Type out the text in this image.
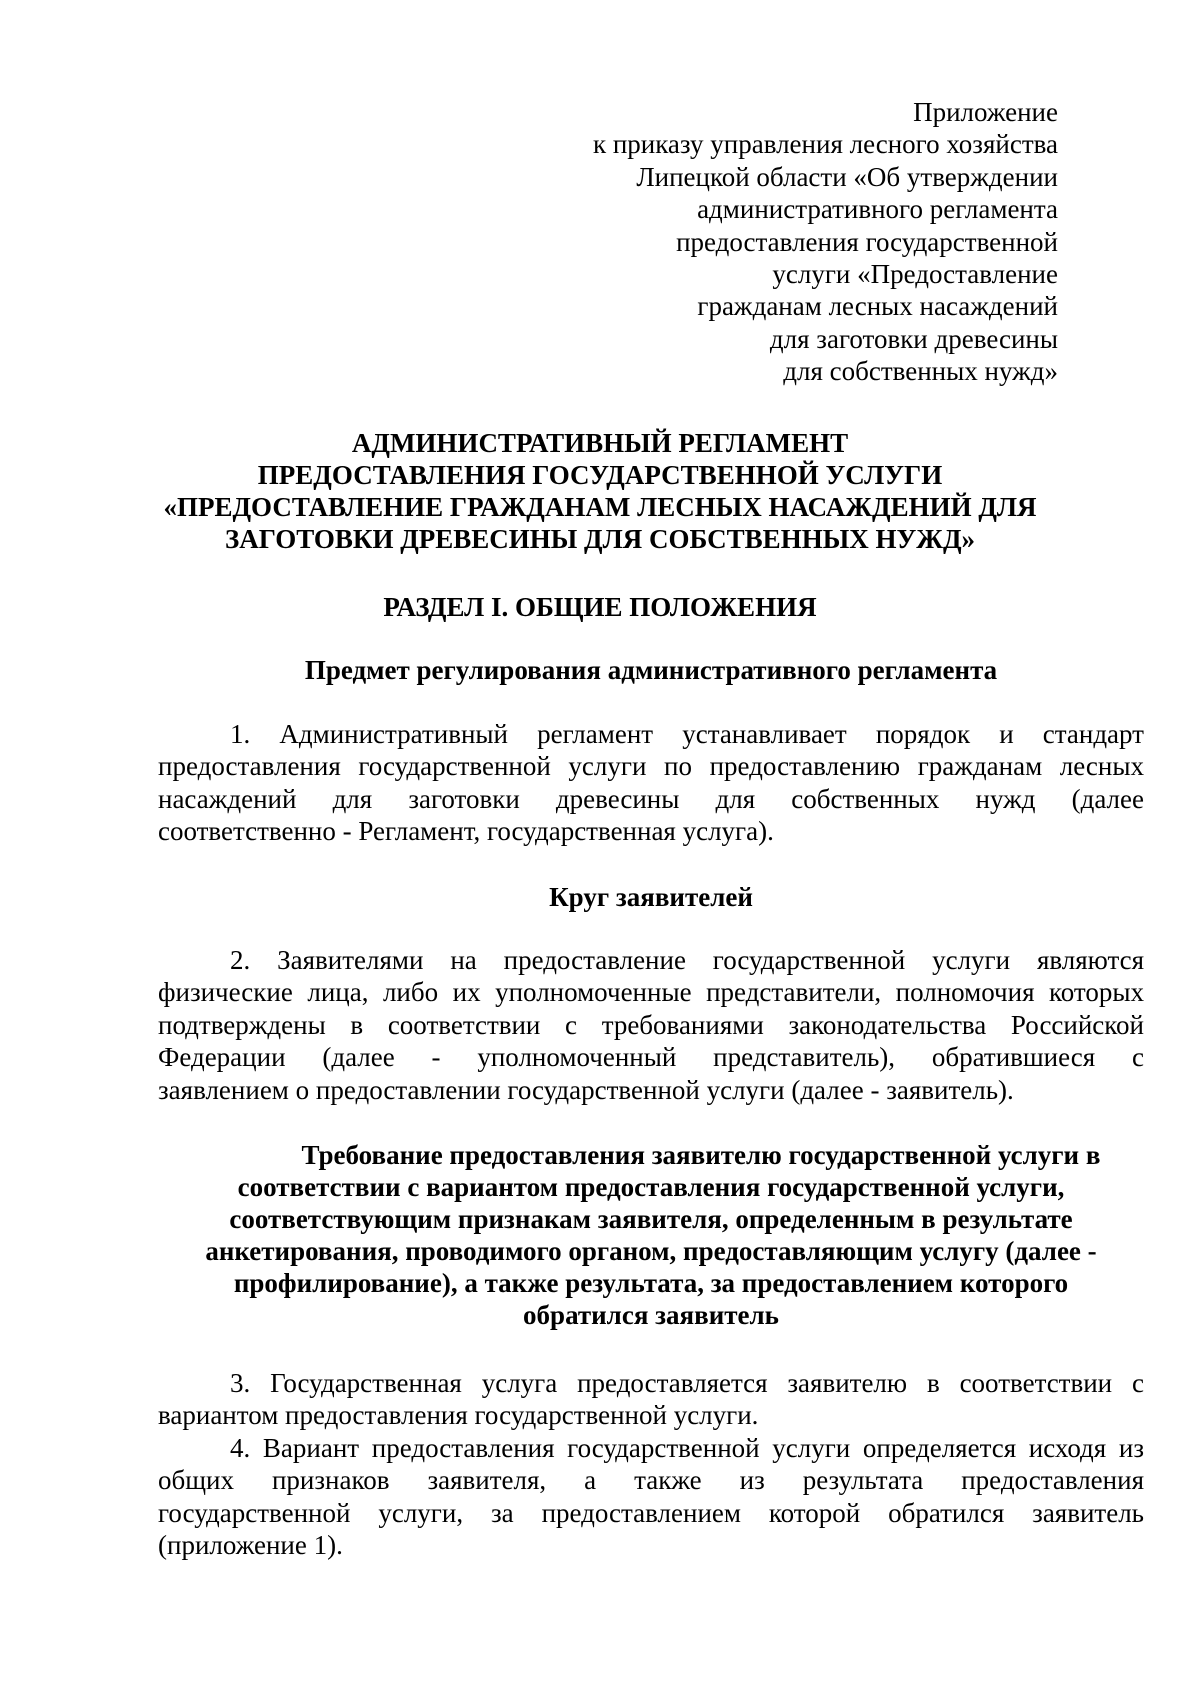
Приложение
к приказу управления лесного хозяйства
Липецкой области «Об утверждении
административного регламента
предоставления государственной
услуги «Предоставление
гражданам лесных насаждений
для заготовки древесины
для собственных нужд»
АДМИНИСТРАТИВНЫЙ РЕГЛАМЕНТ
ПРЕДОСТАВЛЕНИЯ ГОСУДАРСТВЕННОЙ УСЛУГИ
«ПРЕДОСТАВЛЕНИЕ ГРАЖДАНАМ ЛЕСНЫХ НАСАЖДЕНИЙ ДЛЯ
ЗАГОТОВКИ ДРЕВЕСИНЫ ДЛЯ СОБСТВЕННЫХ НУЖД»
РАЗДЕЛ I. ОБЩИЕ ПОЛОЖЕНИЯ
Предмет регулирования административного регламента
1. Административный регламент устанавливает порядок и стандарт
предоставления государственной услуги по предоставлению гражданам лесных
насаждений для заготовки древесины для собственных нужд (далее
соответственно - Регламент, государственная услуга).
Круг заявителей
2. Заявителями на предоставление государственной услуги являются
физические лица, либо их уполномоченные представители, полномочия которых
подтверждены в соответствии с требованиями законодательства Российской
Федерации (далее - уполномоченный представитель), обратившиеся с
заявлением о предоставлении государственной услуги (далее - заявитель).
Требование предоставления заявителю государственной услуги в
соответствии с вариантом предоставления государственной услуги,
соответствующим признакам заявителя, определенным в результате
анкетирования, проводимого органом, предоставляющим услугу (далее -
профилирование), а также результата, за предоставлением которого
обратился заявитель
3. Государственная услуга предоставляется заявителю в соответствии с
вариантом предоставления государственной услуги.
4. Вариант предоставления государственной услуги определяется исходя из
общих признаков заявителя, а также из результата предоставления
государственной услуги, за предоставлением которой обратился заявитель
(приложение 1).
